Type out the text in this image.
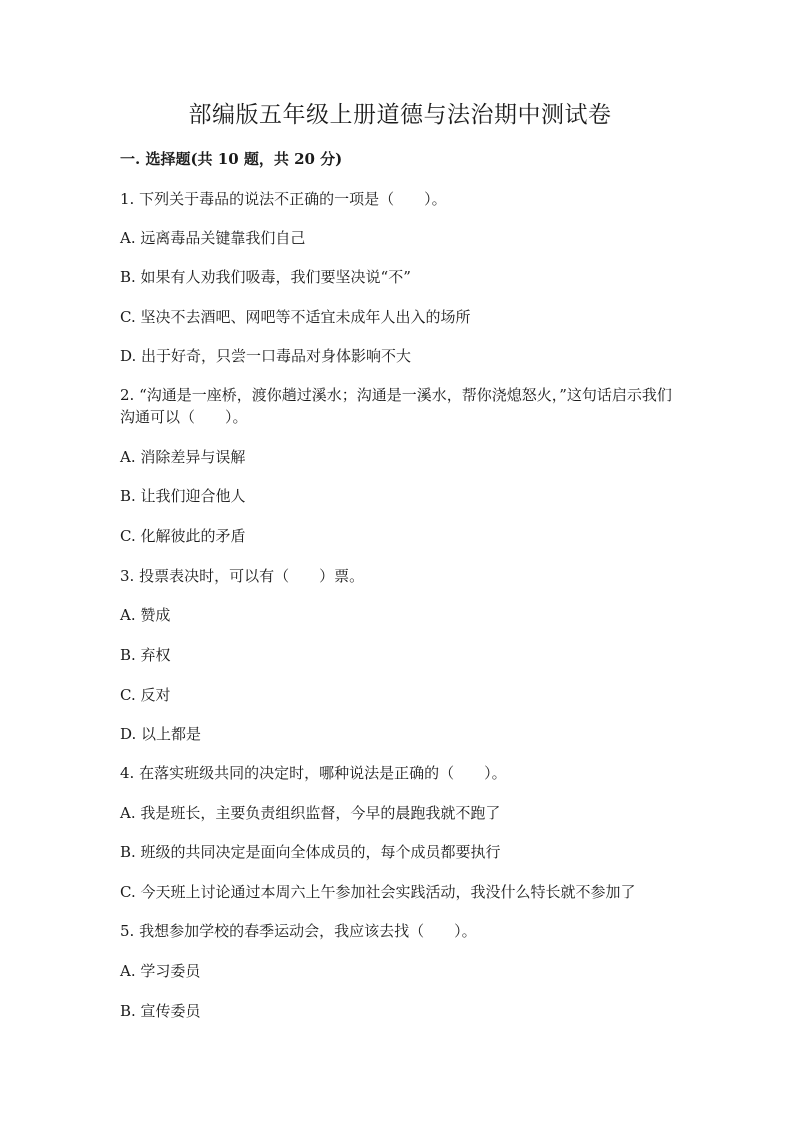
部编版五年级上册道德与法治期中测试卷

一. 选择题(共 10 题，共 20 分)

1. 下列关于毒品的说法不正确的一项是（　　）。

A. 远离毒品关键靠我们自己

B. 如果有人劝我们吸毒，我们要坚决说“不”

C. 坚决不去酒吧、网吧等不适宜未成年人出入的场所

D. 出于好奇，只尝一口毒品对身体影响不大

2. “沟通是一座桥，渡你趟过溪水；沟通是一溪水，帮你浇熄怒火，”这句话启示我们沟通可以（　　）。

A. 消除差异与误解

B. 让我们迎合他人

C. 化解彼此的矛盾

3. 投票表决时，可以有（　　）票。

A. 赞成

B. 弃权

C. 反对

D. 以上都是

4. 在落实班级共同的决定时，哪种说法是正确的（　　）。

A. 我是班长，主要负责组织监督，今早的晨跑我就不跑了

B. 班级的共同决定是面向全体成员的，每个成员都要执行

C. 今天班上讨论通过本周六上午参加社会实践活动，我没什么特长就不参加了

5. 我想参加学校的春季运动会，我应该去找（　　）。

A. 学习委员

B. 宣传委员
